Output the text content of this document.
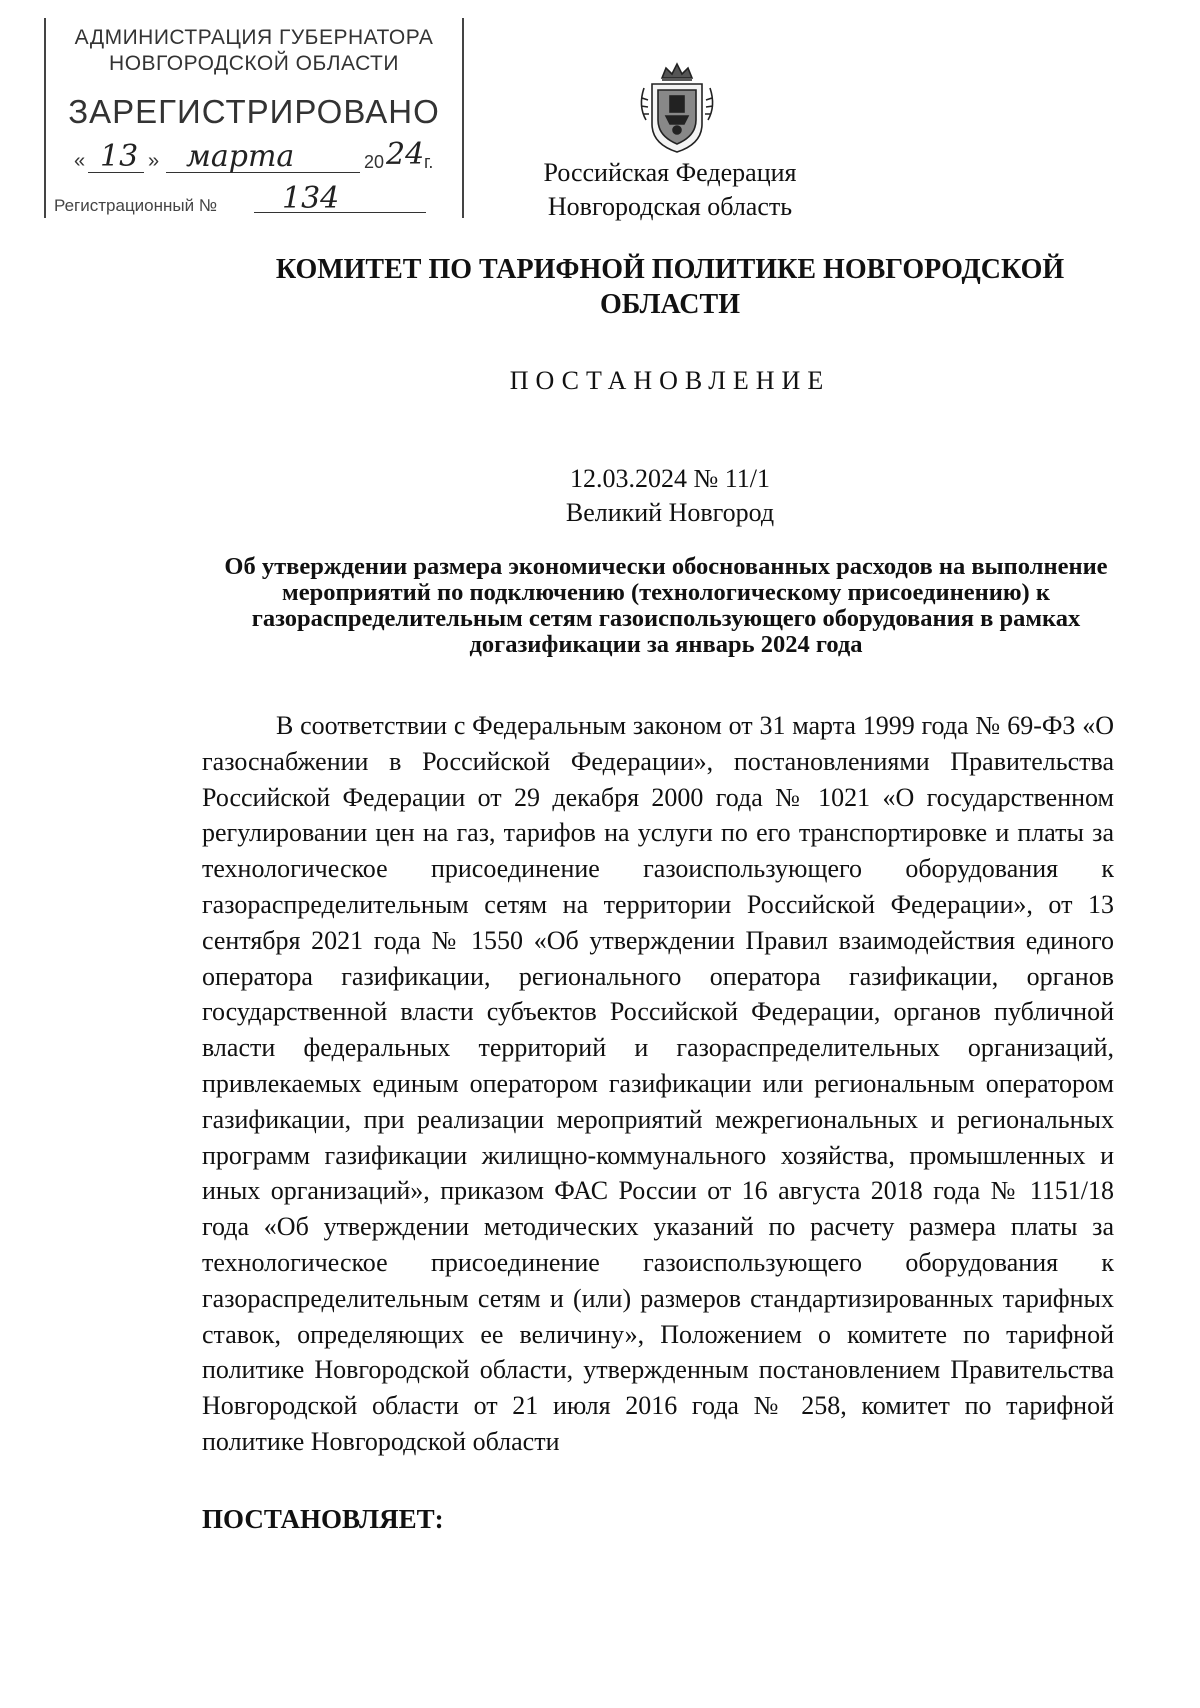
АДМИНИСТРАЦИЯ ГУБЕРНАТОРА
НОВГОРОДСКОЙ ОБЛАСТИ
ЗАРЕГИСТРИРОВАНО
« 13 » марта	20 24 г.
Регистрационный № 134
Российская Федерация
Новгородская область
КОМИТЕТ ПО ТАРИФНОЙ ПОЛИТИКЕ НОВГОРОДСКОЙ ОБЛАСТИ
ПОСТАНОВЛЕНИЕ
12.03.2024 № 11/1
Великий Новгород
Об утверждении размера экономически обоснованных расходов на выполнение мероприятий по подключению (технологическому присоединению) к газораспределительным сетям газоиспользующего оборудования в рамках догазификации за январь 2024 года
В соответствии с Федеральным законом от 31 марта 1999 года № 69-ФЗ «О газоснабжении в Российской Федерации», постановлениями Правительства Российской Федерации от 29 декабря 2000 года № 1021 «О государственном регулировании цен на газ, тарифов на услуги по его транспортировке и платы за технологическое присоединение газоиспользующего оборудования к газораспределительным сетям на территории Российской Федерации», от 13 сентября 2021 года № 1550 «Об утверждении Правил взаимодействия единого оператора газификации, регионального оператора газификации, органов государственной власти субъектов Российской Федерации, органов публичной власти федеральных территорий и газораспределительных организаций, привлекаемых единым оператором газификации или региональным оператором газификации, при реализации мероприятий межрегиональных и региональных программ газификации жилищно-коммунального хозяйства, промышленных и иных организаций», приказом ФАС России от 16 августа 2018 года № 1151/18 года «Об утверждении методических указаний по расчету размера платы за технологическое присоединение газоиспользующего оборудования к газораспределительным сетям и (или) размеров стандартизированных тарифных ставок, определяющих ее величину», Положением о комитете по тарифной политике Новгородской области, утвержденным постановлением Правительства Новгородской области от 21 июля 2016 года № 258, комитет по тарифной политике Новгородской области
ПОСТАНОВЛЯЕТ:
